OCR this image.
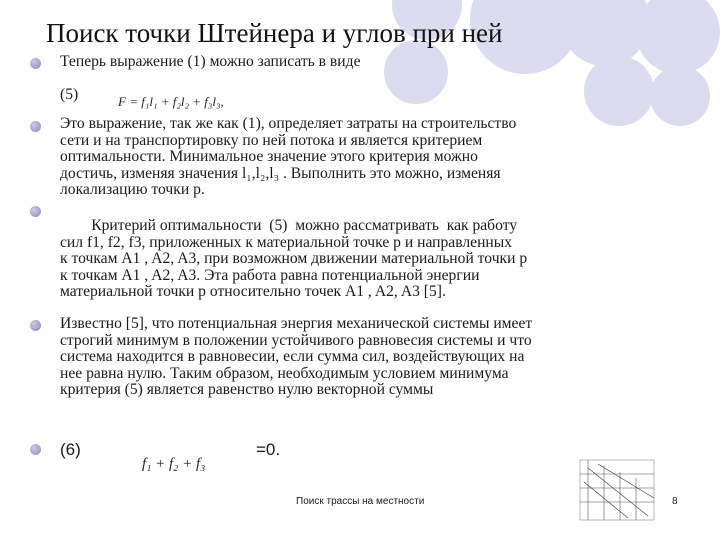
Поиск точки Штейнера и углов при ней
Теперь выражение (1) можно записать в виде
(5)	F = f₁l₁ + f₂l₂ + f₃l₃,
Это выражение, так же как (1), определяет затраты на строительство
сети и на транспортировку по ней потока и является критерием
оптимальности. Минимальное значение этого критерия можно
достичь, изменяя значения l₁,l₂,l₃ . Выполнить это можно, изменяя
локализацию точки p.
Критерий оптимальности  (5)  можно рассматривать  как работу
сил f1, f2, f3, приложенных к материальной точке p и направленных
к точкам A1 , A2, A3, при возможном движении материальной точки p
к точкам A1 , A2, A3. Эта работа равна потенциальной энергии
материальной точки p относительно точек A1 , A2, A3 [5].
Известно [5], что потенциальная энергия механической системы имеет
строгий минимум в положении устойчивого равновесия системы и что
система находится в равновесии, если сумма сил, воздействующих на
нее равна нулю. Таким образом, необходимым условием минимума
критерия (5) является равенство нулю векторной суммы
(6)	=0.
f₁ + f₂ + f₃
Поиск трассы на местности	8
